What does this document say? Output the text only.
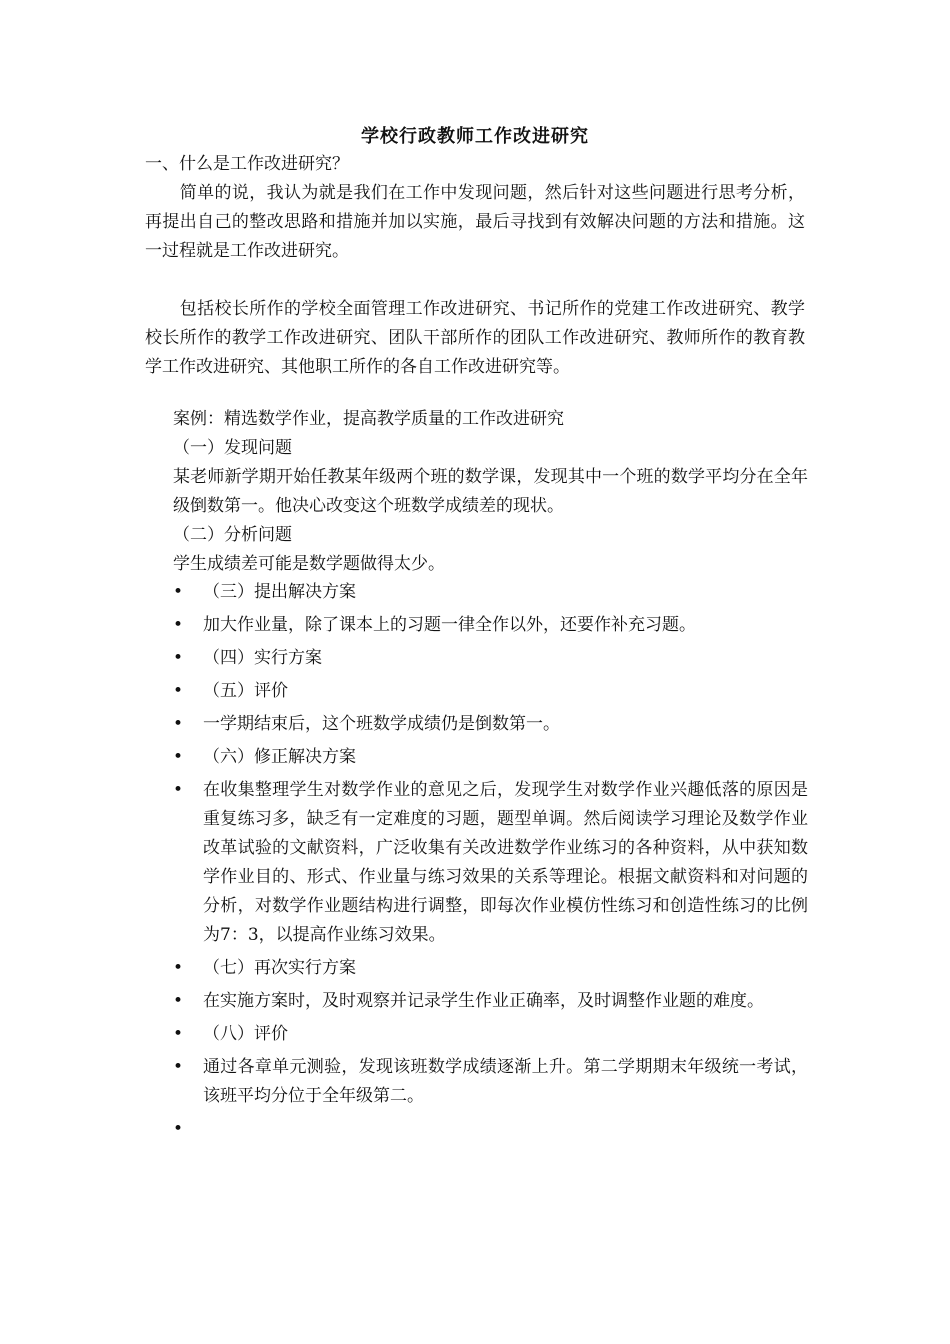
学校行政教师工作改进研究

一、什么是工作改进研究？

　　简单的说，我认为就是我们在工作中发现问题，然后针对这些问题进行思考分析，再提出自己的整改思路和措施并加以实施，最后寻找到有效解决问题的方法和措施。这一过程就是工作改进研究。

　　包括校长所作的学校全面管理工作改进研究、书记所作的党建工作改进研究、教学校长所作的教学工作改进研究、团队干部所作的团队工作改进研究、教师所作的教育教学工作改进研究、其他职工所作的各自工作改进研究等。

案例：精选数学作业，提高教学质量的工作改进研究

（一）发现问题

某老师新学期开始任教某年级两个班的数学课，发现其中一个班的数学平均分在全年级倒数第一。他决心改变这个班数学成绩差的现状。

（二）分析问题

学生成绩差可能是数学题做得太少。

• （三）提出解决方案
• 加大作业量，除了课本上的习题一律全作以外，还要作补充习题。
• （四）实行方案
• （五）评价
• 一学期结束后，这个班数学成绩仍是倒数第一。
• （六）修正解决方案
• 在收集整理学生对数学作业的意见之后，发现学生对数学作业兴趣低落的原因是重复练习多，缺乏有一定难度的习题，题型单调。然后阅读学习理论及数学作业改革试验的文献资料，广泛收集有关改进数学作业练习的各种资料，从中获知数学作业目的、形式、作业量与练习效果的关系等理论。根据文献资料和对问题的分析，对数学作业题结构进行调整，即每次作业模仿性练习和创造性练习的比例为7：3，以提高作业练习效果。
• （七）再次实行方案
• 在实施方案时，及时观察并记录学生作业正确率，及时调整作业题的难度。
• （八）评价
• 通过各章单元测验，发现该班数学成绩逐渐上升。第二学期期末年级统一考试，该班平均分位于全年级第二。
•
